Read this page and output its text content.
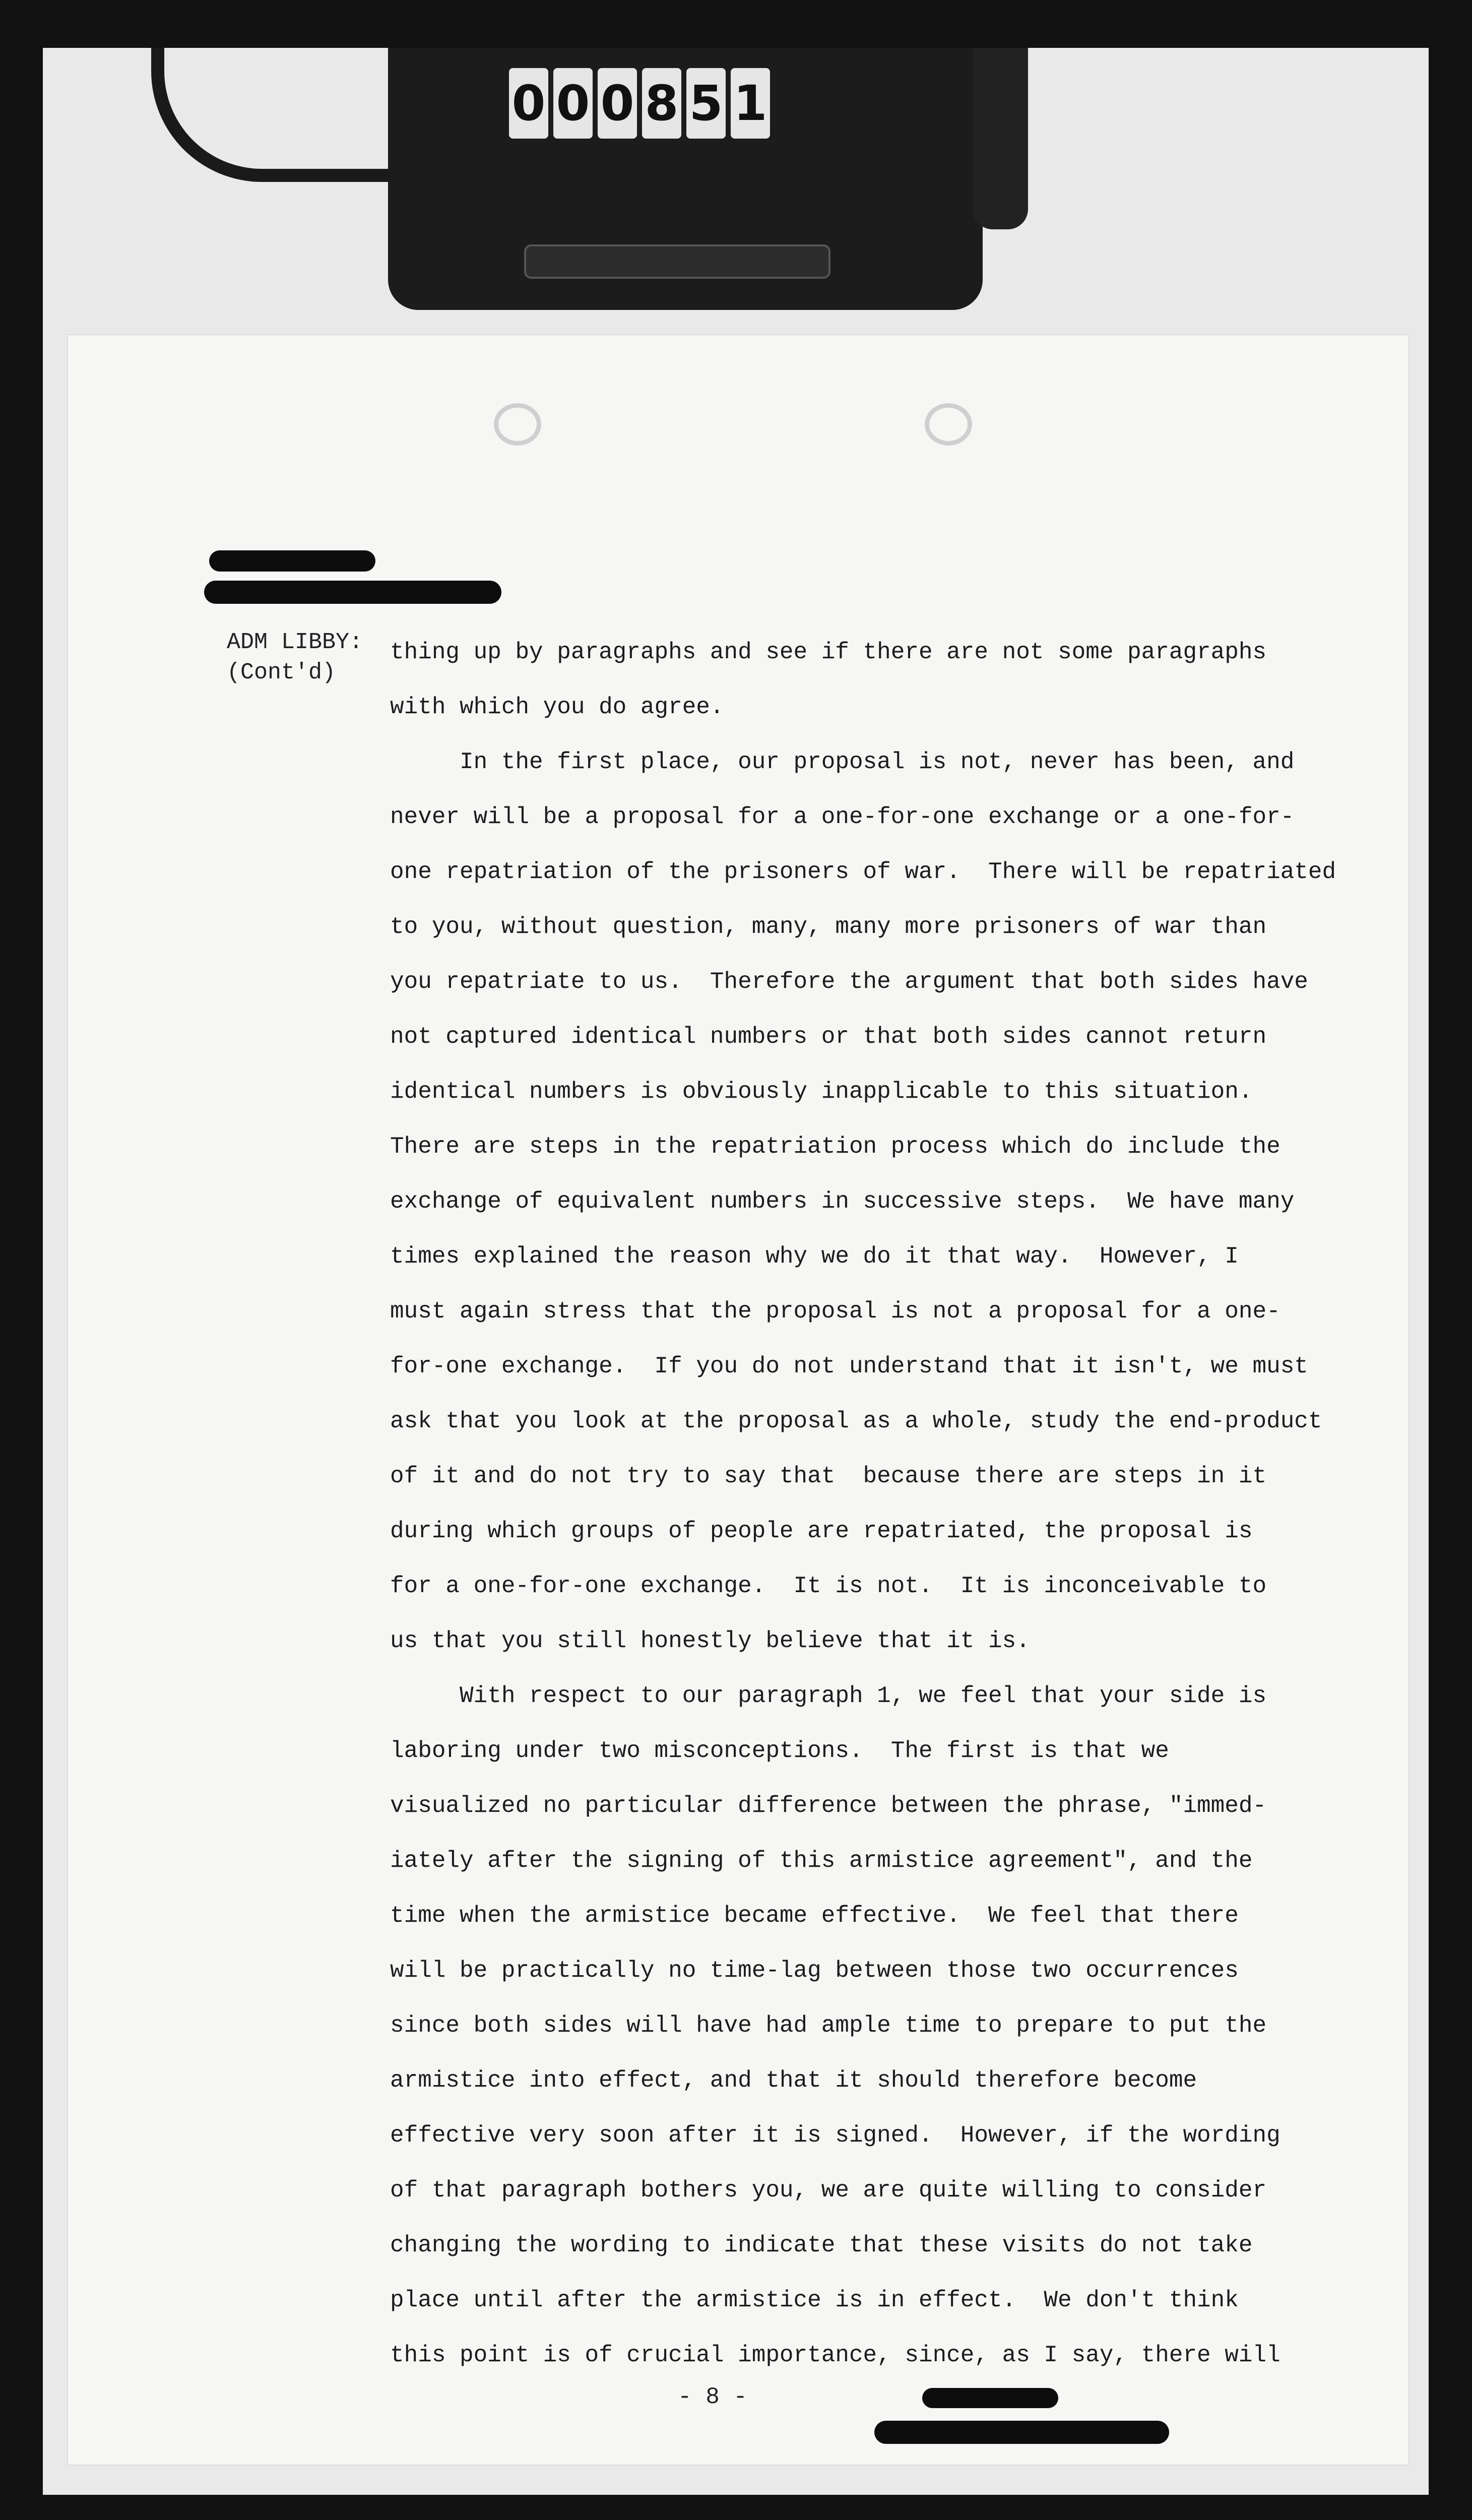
0 0 0 8 5 1
ADM LIBBY:
(Cont'd)
thing up by paragraphs and see if there are not some paragraphs
with which you do agree.
In the first place, our proposal is not, never has been, and
never will be a proposal for a one-for-one exchange or a one-for-
one repatriation of the prisoners of war.  There will be repatriated
to you, without question, many, many more prisoners of war than
you repatriate to us.  Therefore the argument that both sides have
not captured identical numbers or that both sides cannot return
identical numbers is obviously inapplicable to this situation.
There are steps in the repatriation process which do include the
exchange of equivalent numbers in successive steps.  We have many
times explained the reason why we do it that way.  However, I
must again stress that the proposal is not a proposal for a one-
for-one exchange.  If you do not understand that it isn't, we must
ask that you look at the proposal as a whole, study the end-product
of it and do not try to say that  because there are steps in it
during which groups of people are repatriated, the proposal is
for a one-for-one exchange.  It is not.  It is inconceivable to
us that you still honestly believe that it is.
With respect to our paragraph 1, we feel that your side is
laboring under two misconceptions.  The first is that we
visualized no particular difference between the phrase, "immed-
iately after the signing of this armistice agreement", and the
time when the armistice became effective.  We feel that there
will be practically no time-lag between those two occurrences
since both sides will have had ample time to prepare to put the
armistice into effect, and that it should therefore become
effective very soon after it is signed.  However, if the wording
of that paragraph bothers you, we are quite willing to consider
changing the wording to indicate that these visits do not take
place until after the armistice is in effect.  We don't think
this point is of crucial importance, since, as I say, there will
- 8 -
